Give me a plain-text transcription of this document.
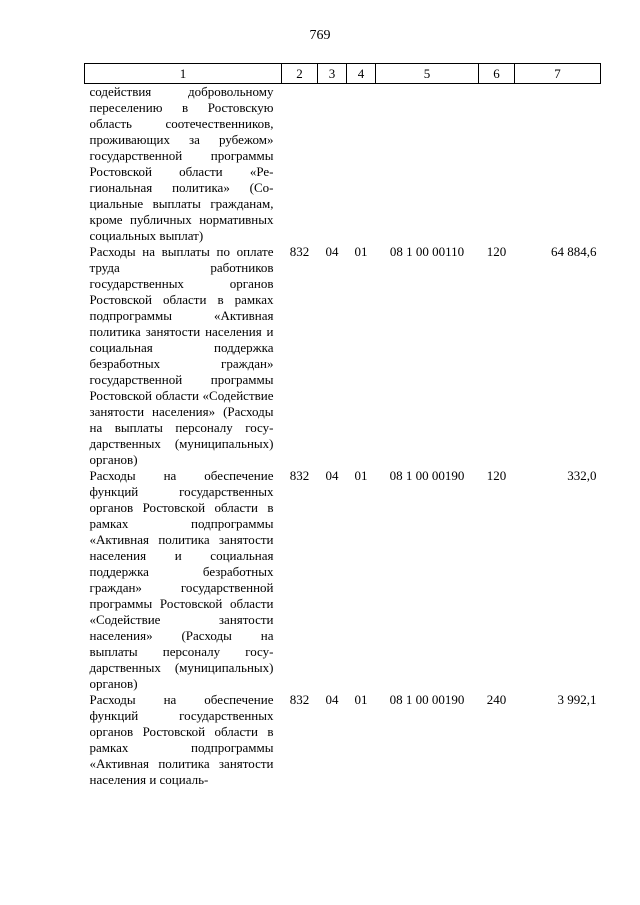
769
1	2	3	4	5	6	7
содействия добровольному переселению в Ростовскую область соотечественников, проживающих за рубежом» государственной программы Ростовской области «Региональная политика» (Социальные выплаты гражданам, кроме публичных нормативных социальных выплат)						
Расходы на выплаты по оплате труда работников государственных органов Ростовской области в рамках подпрограммы «Активная политика занятости населения и социальная поддержка безработных граждан» государственной программы Ростовской области «Содействие занятости населения» (Расходы на выплаты персоналу государственных (муниципальных) органов)	832	04	01	08 1 00 00110	120	64 884,6
Расходы на обеспечение функций государственных органов Ростовской области в рамках подпрограммы «Активная политика занятости населения и социальная поддержка безработных граждан» государственной программы Ростовской области «Содействие занятости населения» (Расходы на выплаты персоналу государственных (муниципальных) органов)	832	04	01	08 1 00 00190	120	332,0
Расходы на обеспечение функций государственных органов Ростовской области в рамках подпрограммы «Активная политика занятости населения и социаль-	832	04	01	08 1 00 00190	240	3 992,1
